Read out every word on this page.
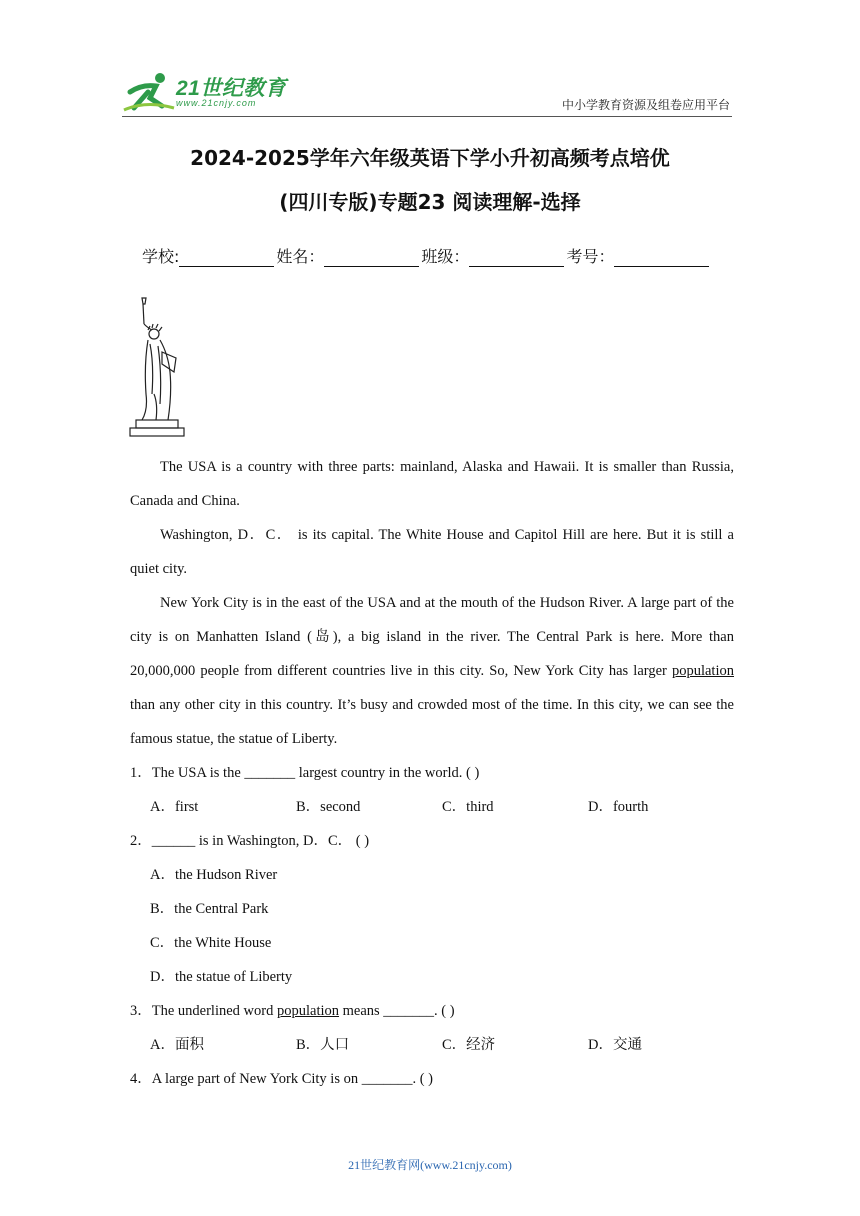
21世纪教育
www.21cnjy.com	中小学教育资源及组卷应用平台
2024-2025学年六年级英语下学小升初高频考点培优
(四川专版)专题23 阅读理解-选择
学校:	姓名：	班级：	考号：

The USA is a country with three parts: mainland, Alaska and Hawaii. It is smaller than Russia, Canada and China.

Washington, D．C． is its capital. The White House and Capitol Hill are here. But it is still a quiet city.

New York City is in the east of the USA and at the mouth of the Hudson River. A large part of the city is on Manhatten Island (岛), a big island in the river. The Central Park is here. More than 20,000,000 people from different countries live in this city. So, New York City has larger population than any other city in this country. It’s busy and crowded most of the time. In this city, we can see the famous statue, the statue of Liberty.

1．The USA is the _______ largest country in the world. ( )

A．first	B．second	C．third	D．fourth

2．______ is in Washington, D．C． ( )

A．the Hudson River

B．the Central Park

C．the White House

D．the statue of Liberty

3．The underlined word population means _______. ( )

A．面积	B．人口	C．经济	D．交通

4．A large part of New York City is on _______. ( )

21世纪教育网(www.21cnjy.com)
